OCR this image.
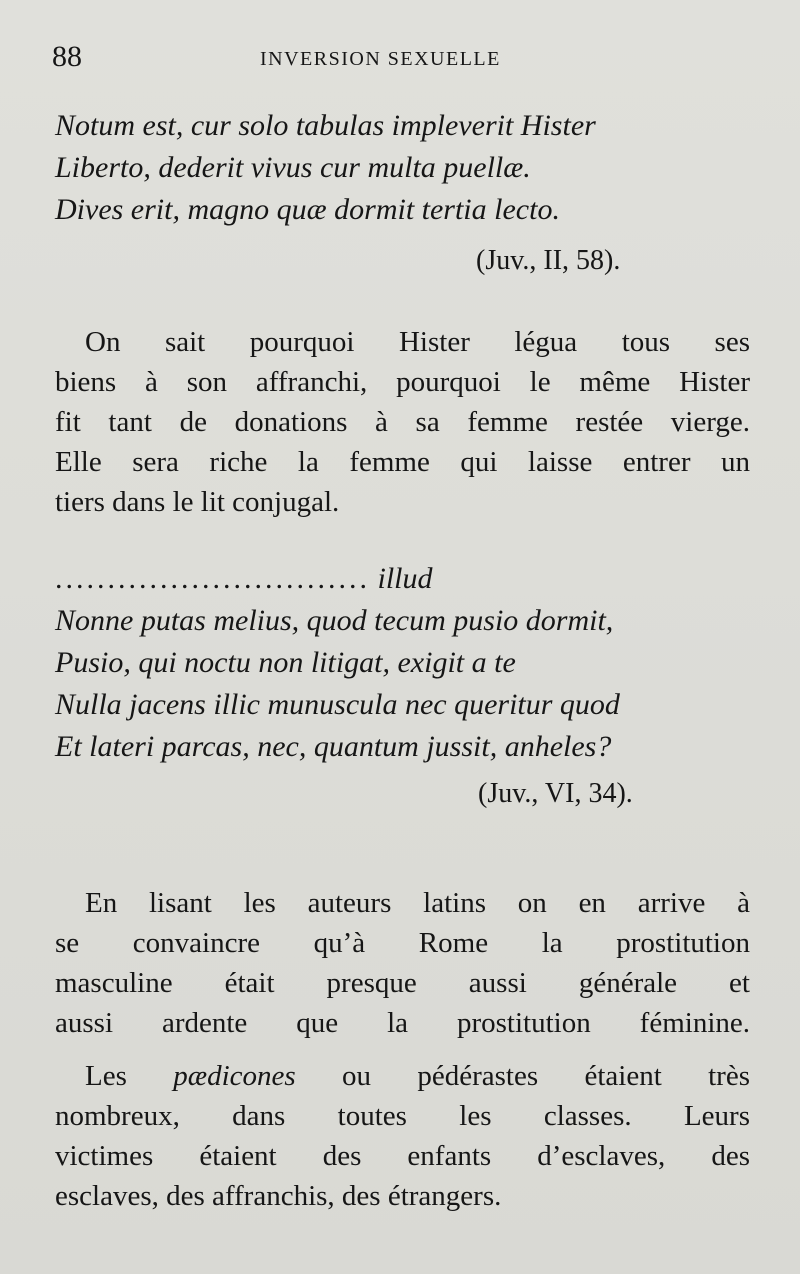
88	INVERSION SEXUELLE
Notum est, cur solo tabulas impleverit Hister
Liberto, dederit vivus cur multa puellæ.
Dives erit, magno quæ dormit tertia lecto.
(Juv., II, 58).
On sait pourquoi Hister légua tous ses
biens à son affranchi, pourquoi le même Hister
fit tant de donations à sa femme restée vierge.
Elle sera riche la femme qui laisse entrer un
tiers dans le lit conjugal.
.............................. illud
Nonne putas melius, quod tecum pusio dormit,
Pusio, qui noctu non litigat, exigit a te
Nulla jacens illic munuscula nec queritur quod
Et lateri parcas, nec, quantum jussit, anheles?
(Juv., VI, 34).
En lisant les auteurs latins on en arrive à
se convaincre qu’à Rome la prostitution
masculine était presque aussi générale et
aussi ardente que la prostitution féminine.
Les pædicones ou pédérastes étaient très
nombreux, dans toutes les classes. Leurs
victimes étaient des enfants d’esclaves, des
esclaves, des affranchis, des étrangers.
